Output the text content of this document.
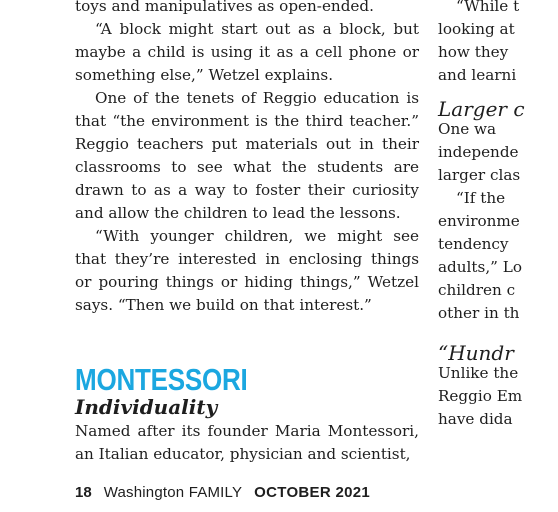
toys and manipulatives as open-ended.

“A block might start out as a block, but maybe a child is using it as a cell phone or something else,” Wetzel explains.

One of the tenets of Reggio education is that “the environment is the third teacher.” Reggio teachers put materials out in their classrooms to see what the students are drawn to as a way to foster their curiosity and allow the children to lead the lessons.

“With younger children, we might see that they’re interested in enclosing things or pouring things or hiding things,” Wetzel says. “Then we build on that interest.”

MONTESSORI
Individuality

Named after its founder Maria Montessori, an Italian educator, physician and scientist,

“While t
looking at
how they
and learni
Larger c
One wa
independe
larger clas
“If the
environme
tendency
adults,” Lo
children c
other in th
“Hundr
Unlike the
Reggio Em
have dida
18 Washington FAMILY OCTOBER 2021
